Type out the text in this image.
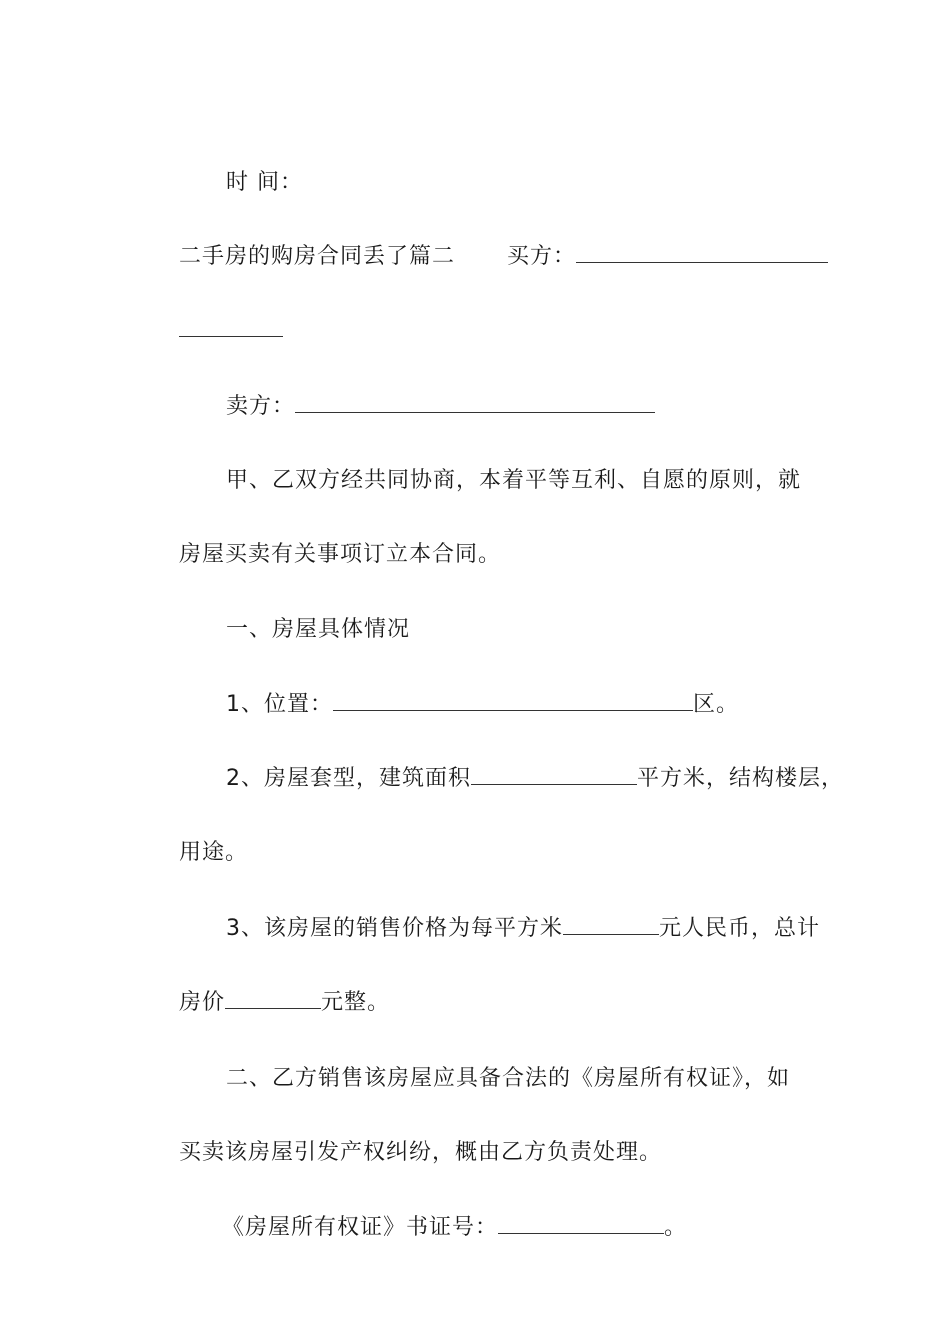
时 间：

二手房的购房合同丢了篇二 买方：

卖方：

甲、乙双方经共同协商，本着平等互利、自愿的原则，就

房屋买卖有关事项订立本合同。

一、房屋具体情况

1、位置：	区。

2、房屋套型，建筑面积	平方米，结构楼层，

用途。

3、该房屋的销售价格为每平方米	元人民币，总计

房价	元整。

二、乙方销售该房屋应具备合法的《房屋所有权证》，如

买卖该房屋引发产权纠纷，概由乙方负责处理。

《房屋所有权证》书证号：	。
